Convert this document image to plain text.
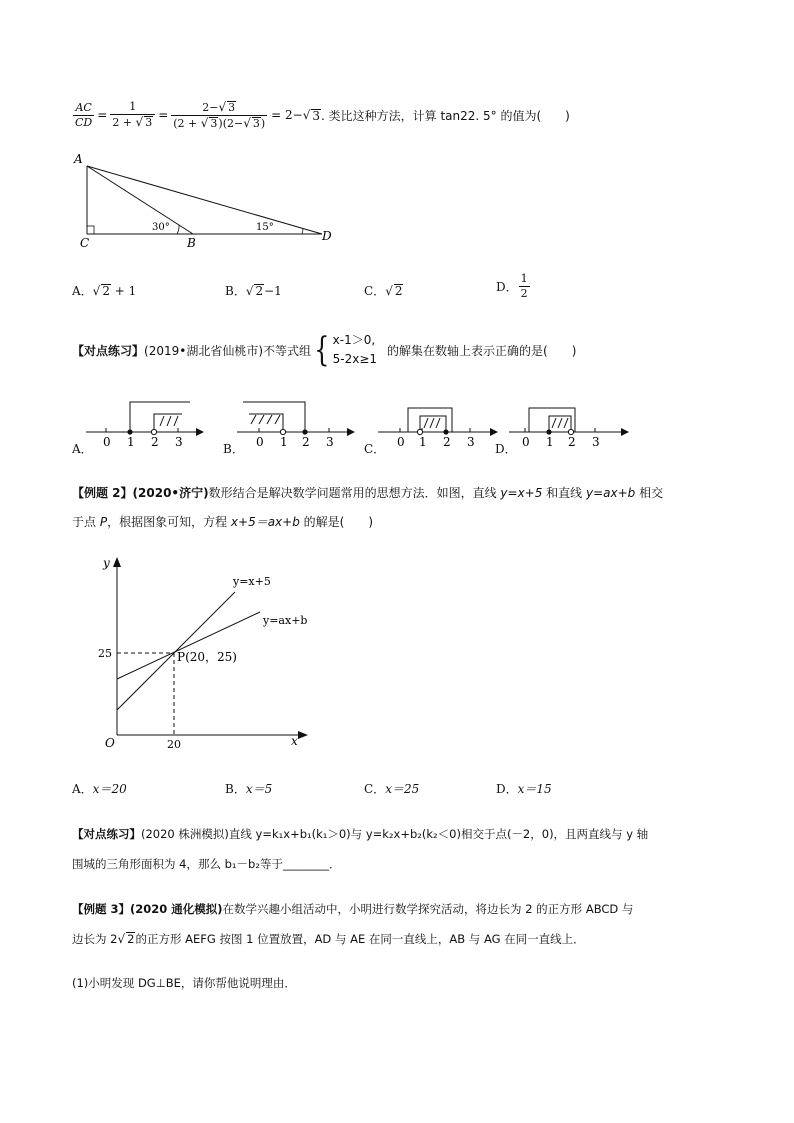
$\frac{AC}{CD} = \frac{1}{2 + √ 3} = \frac{2-√ 3}{(2 + √ 3)(2-√ 3)} = 2-$ √ 3 . 类比这种方法，计算 tan22. 5° 的值为(　　)
A
C	B	D
30°	15°
A．√ 2 + 1	B．√ 2−1	C．√ 2	D． $\frac{1}{2}$
【对点练习】 (2019•湖北省仙桃市)不等式组 { x-1＞0,
5-2x≥1
的解集在数轴上表示正确的是(　　)
A． 0 1 2 3	B． 0 1 2 3	C． 0 1 2 3 D． 0 1 2 3
【例题 2】(2020•济宁)数形结合是解决数学问题常用的思想方法．如图，直线 y=x+5 和直线 y=ax+b 相交
于点 P，根据图象可知，方程 x+5＝ax+b 的解是(　　)
y
x
O
y=x+5
y=ax+b
P(20，25)
20
25
A．x＝20	B．x＝5	C．x＝25	D．x＝15
【对点练习】(2020 株洲模拟)直线 y=k₁x+b₁(k₁＞0)与 y=k₂x+b₂(k₂＜0)相交于点(－2，0)，且两直线与 y 轴
围城的三角形面积为 4，那么 b₁－b₂等于________．
【例题 3】(2020 通化模拟)在数学兴趣小组活动中，小明进行数学探究活动，将边长为 2 的正方形 ABCD 与
边长为 2√ 2的正方形 AEFG 按图 1 位置放置，AD 与 AE 在同一直线上，AB 与 AG 在同一直线上．
(1)小明发现 DG⊥BE，请你帮他说明理由．
